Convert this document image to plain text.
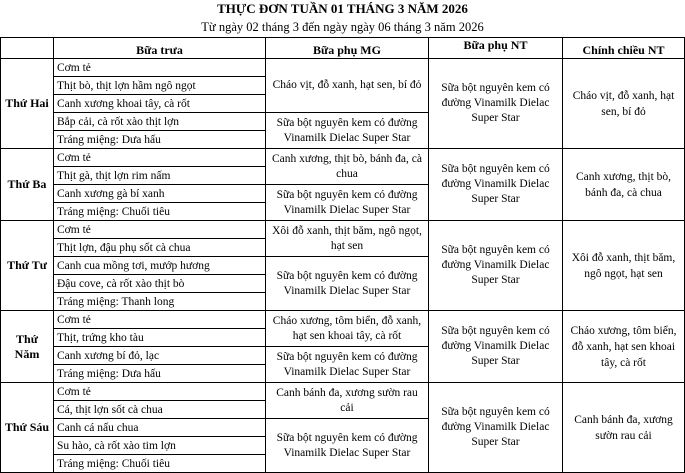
THỰC ĐƠN TUẦN 01 THÁNG 3 NĂM 2026
Từ ngày 02 tháng 3 đến ngày ngày 06 tháng 3 năm 2026
	Bữa trưa	Bữa phụ MG	Bữa phụ NT	Chính chiều NT
Thứ Hai	Cơm tẻ	Cháo vịt, đỗ xanh, hạt sen, bí đỏ	Sữa bột nguyên kem có đường Vinamilk Dielac Super Star	Cháo vịt, đỗ xanh, hạt sen, bí đỏ
	Thịt bò, thịt lợn hầm ngô ngọt			
	Canh xương khoai tây, cà rốt			
	Bắp cải, cà rốt xào thịt lợn	Sữa bột nguyên kem có đường Vinamilk Dielac Super Star		
	Tráng miệng: Dưa hấu			
Thứ Ba	Cơm tẻ	Canh xương, thịt bò, bánh đa, cà chua	Sữa bột nguyên kem có đường Vinamilk Dielac Super Star	Canh xương, thịt bò, bánh đa, cà chua
	Thịt gà, thịt lợn rim nấm			
	Canh xương gà bí xanh	Sữa bột nguyên kem có đường Vinamilk Dielac Super Star		
	Tráng miệng: Chuối tiêu			
Thứ Tư	Cơm tẻ	Xôi đỗ xanh, thịt băm, ngô ngọt, hạt sen	Sữa bột nguyên kem có đường Vinamilk Dielac Super Star	Xôi đỗ xanh, thịt băm, ngô ngọt, hạt sen
	Thịt lợn, đậu phụ sốt cà chua			
	Canh cua mồng tơi, mướp hương	Sữa bột nguyên kem có đường Vinamilk Dielac Super Star		
	Đậu cove, cà rốt xào thịt bò			
	Tráng miệng: Thanh long			
Thứ Năm	Cơm tẻ	Cháo xương, tôm biển, đỗ xanh, hạt sen khoai tây, cà rốt	Sữa bột nguyên kem có đường Vinamilk Dielac Super Star	Cháo xương, tôm biển, đỗ xanh, hạt sen khoai tây, cà rốt
	Thịt, trứng kho tàu			
	Canh xương bí đỏ, lạc	Sữa bột nguyên kem có đường Vinamilk Dielac Super Star		
	Tráng miệng: Dưa hấu			
Thứ Sáu	Cơm tẻ	Canh bánh đa, xương sườn rau cải	Sữa bột nguyên kem có đường Vinamilk Dielac Super Star	Canh bánh đa, xương sườn rau cải
	Cá, thịt lợn sốt cà chua			
	Canh cá nấu chua	Sữa bột nguyên kem có đường Vinamilk Dielac Super Star		
	Su hào, cà rốt xào tim lợn			
	Tráng miệng: Chuối tiêu			
